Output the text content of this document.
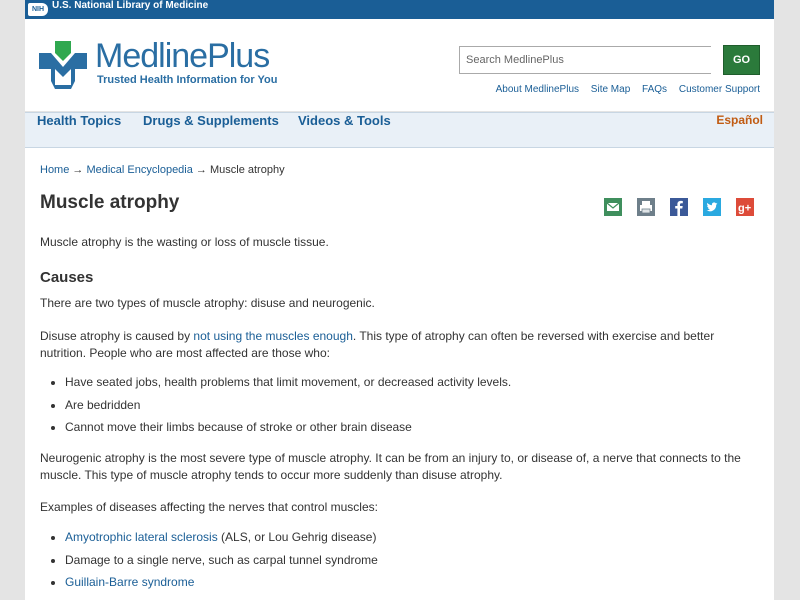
NIH U.S. National Library of Medicine
MedlinePlus
Trusted Health Information for You
Search MedlinePlus
GO
About MedlinePlus Site Map FAQs Customer Support
Health Topics Drugs & Supplements Videos & Tools	Español
Home → Medical Encyclopedia → Muscle atrophy
Muscle atrophy	g+

Muscle atrophy is the wasting or loss of muscle tissue.

Causes

There are two types of muscle atrophy: disuse and neurogenic.

Disuse atrophy is caused by not using the muscles enough. This type of atrophy can often be reversed with exercise and better nutrition. People who are most affected are those who:

Have seated jobs, health problems that limit movement, or decreased activity levels.
Are bedridden
Cannot move their limbs because of stroke or other brain disease

Neurogenic atrophy is the most severe type of muscle atrophy. It can be from an injury to, or disease of, a nerve that connects to the muscle. This type of muscle atrophy tends to occur more suddenly than disuse atrophy.

Examples of diseases affecting the nerves that control muscles:

Amyotrophic lateral sclerosis (ALS, or Lou Gehrig disease)
Damage to a single nerve, such as carpal tunnel syndrome
Guillain-Barre syndrome
